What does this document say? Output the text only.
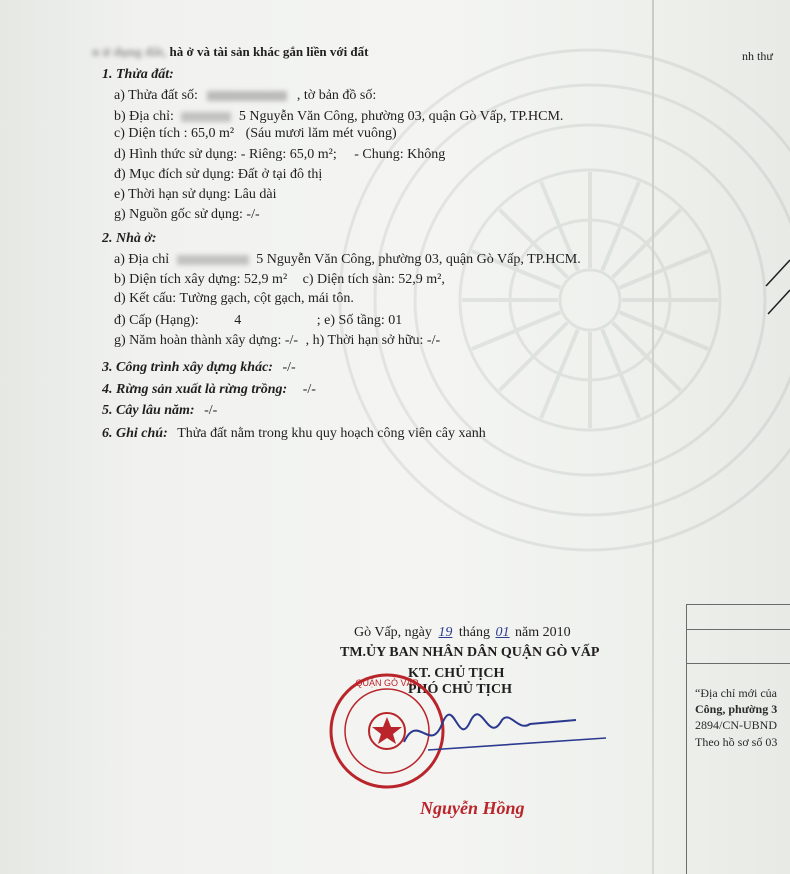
n ử dụng đất, hà ở và tài sản khác gắn liền với đất	nh thư
1. Thửa đất:
a) Thửa đất số:	, tờ bản đồ số:
b) Địa chỉ:	5 Nguyễn Văn Công, phường 03, quận Gò Vấp, TP.HCM.
c) Diện tích : 65,0 m² (Sáu mươi lăm mét vuông)
d) Hình thức sử dụng: - Riêng: 65,0 m²; - Chung: Không
đ) Mục đích sử dụng: Đất ở tại đô thị
e) Thời hạn sử dụng: Lâu dài
g) Nguồn gốc sử dụng: -/-
2. Nhà ở:
a) Địa chỉ	5 Nguyễn Văn Công, phường 03, quận Gò Vấp, TP.HCM.
b) Diện tích xây dựng: 52,9 m² c) Diện tích sàn: 52,9 m²,
d) Kết cấu: Tường gạch, cột gạch, mái tôn.
đ) Cấp (Hạng):	4	; e) Số tầng: 01
g) Năm hoàn thành xây dựng: -/- , h) Thời hạn sở hữu: -/-
3. Công trình xây dựng khác: -/-
4. Rừng sản xuất là rừng trồng: -/-
5. Cây lâu năm: -/-
6. Ghi chú: Thửa đất nằm trong khu quy hoạch công viên cây xanh
Gò Vấp, ngày 19 tháng 01 năm 2010
TM.ỦY BAN NHÂN DÂN QUẬN GÒ VẤP
KT. CHỦ TỊCH
PHÓ CHỦ TỊCH
QUẬN GÒ VẤP
Nguyễn Hồng
“Địa chỉ mới của
Công, phường 3
2894/CN-UBND
Theo hồ sơ số 03
